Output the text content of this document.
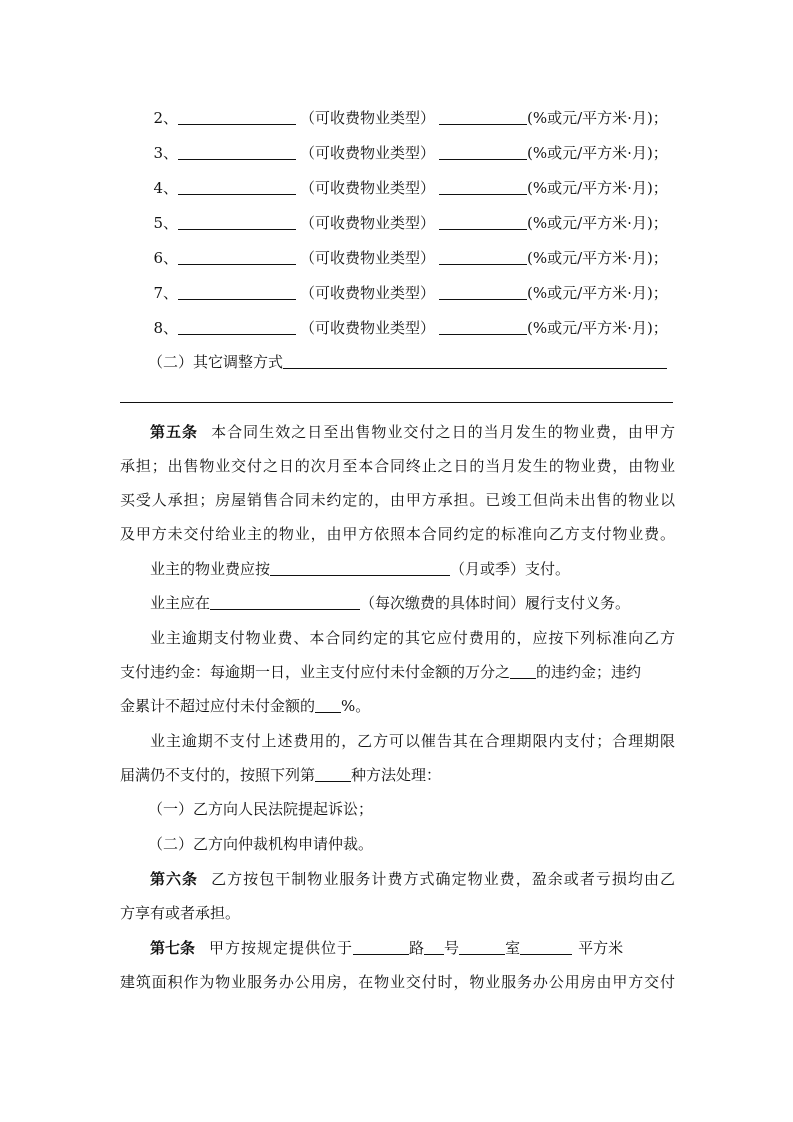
2、	（可收费物业类型）	(%或元/平方米·月)；
3、	（可收费物业类型）	(%或元/平方米·月)；
4、	（可收费物业类型）	(%或元/平方米·月)；
5、	（可收费物业类型）	(%或元/平方米·月)；
6、	（可收费物业类型）	(%或元/平方米·月)；
7、	（可收费物业类型）	(%或元/平方米·月)；
8、	（可收费物业类型）	(%或元/平方米·月)；
（二）其它调整方式
第五条 本合同生效之日至出售物业交付之日的当月发生的物业费，由甲方
承担；出售物业交付之日的次月至本合同终止之日的当月发生的物业费，由物业
买受人承担；房屋销售合同未约定的，由甲方承担。已竣工但尚未出售的物业以
及甲方未交付给业主的物业，由甲方依照本合同约定的标准向乙方支付物业费。
业主的物业费应按	（月或季）支付。
业主应在	（每次缴费的具体时间）履行支付义务。
业主逾期支付物业费、本合同约定的其它应付费用的，应按下列标准向乙方
支付违约金：每逾期一日，业主支付应付未付金额的万分之 的违约金；违约
金累计不超过应付未付金额的 %。
业主逾期不支付上述费用的，乙方可以催告其在合理期限内支付；合理期限
届满仍不支付的，按照下列第 种方法处理：
（一）乙方向人民法院提起诉讼；
（二）乙方向仲裁机构申请仲裁。
第六条 乙方按包干制物业服务计费方式确定物业费，盈余或者亏损均由乙
方享有或者承担。
第七条 甲方按规定提供位于	路 号	室	平方米
建筑面积作为物业服务办公用房，在物业交付时，物业服务办公用房由甲方交付
